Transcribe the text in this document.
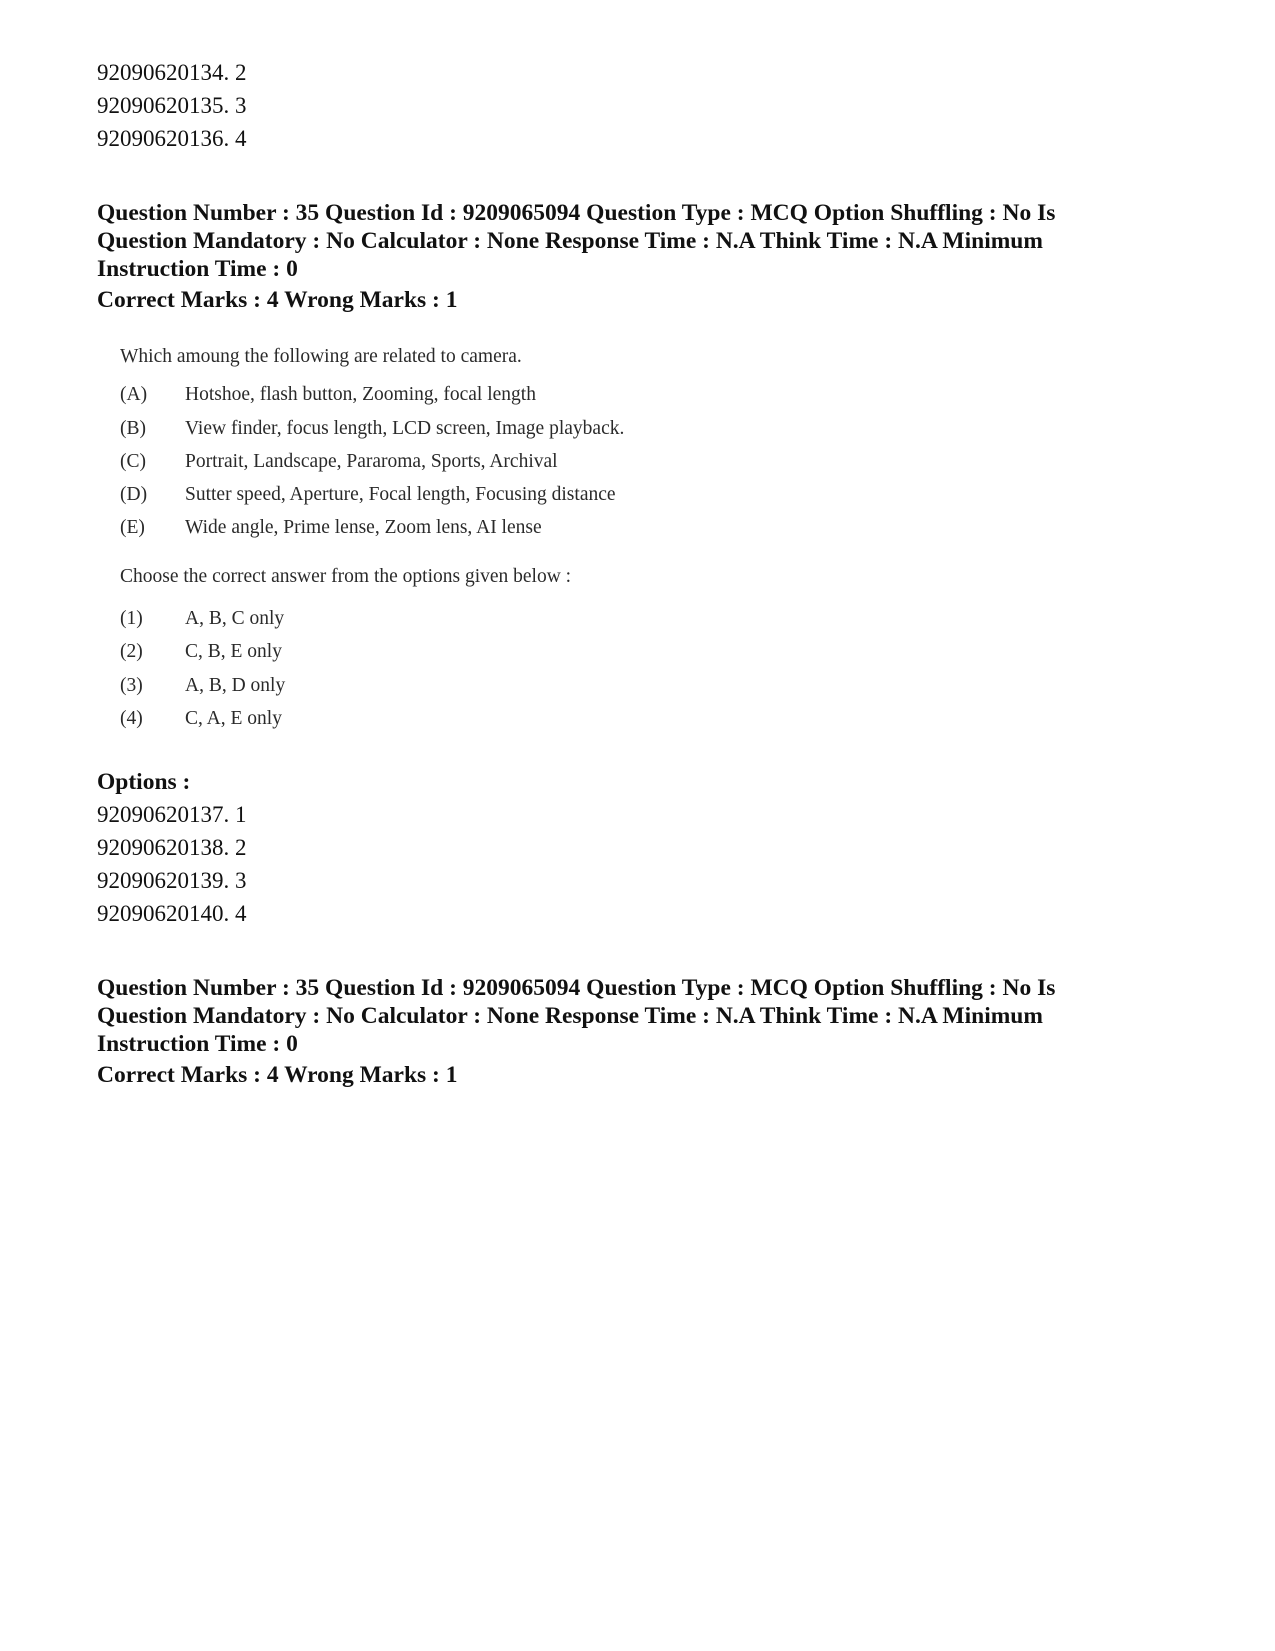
92090620134. 2
92090620135. 3
92090620136. 4
Question Number : 35 Question Id : 9209065094 Question Type : MCQ Option Shuffling : No Is
Question Mandatory : No Calculator : None Response Time : N.A Think Time : N.A Minimum
Instruction Time : 0
Correct Marks : 4 Wrong Marks : 1
Which amoung the following are related to camera.
(A) Hotshoe, flash button, Zooming, focal length
(B) View finder, focus length, LCD screen, Image playback.
(C) Portrait, Landscape, Pararoma, Sports, Archival
(D) Sutter speed, Aperture, Focal length, Focusing distance
(E) Wide angle, Prime lense, Zoom lens, AI lense
Choose the correct answer from the options given below :
(1) A, B, C only
(2) C, B, E only
(3) A, B, D only
(4) C, A, E only
Options :
92090620137. 1
92090620138. 2
92090620139. 3
92090620140. 4
Question Number : 35 Question Id : 9209065094 Question Type : MCQ Option Shuffling : No Is
Question Mandatory : No Calculator : None Response Time : N.A Think Time : N.A Minimum
Instruction Time : 0
Correct Marks : 4 Wrong Marks : 1
